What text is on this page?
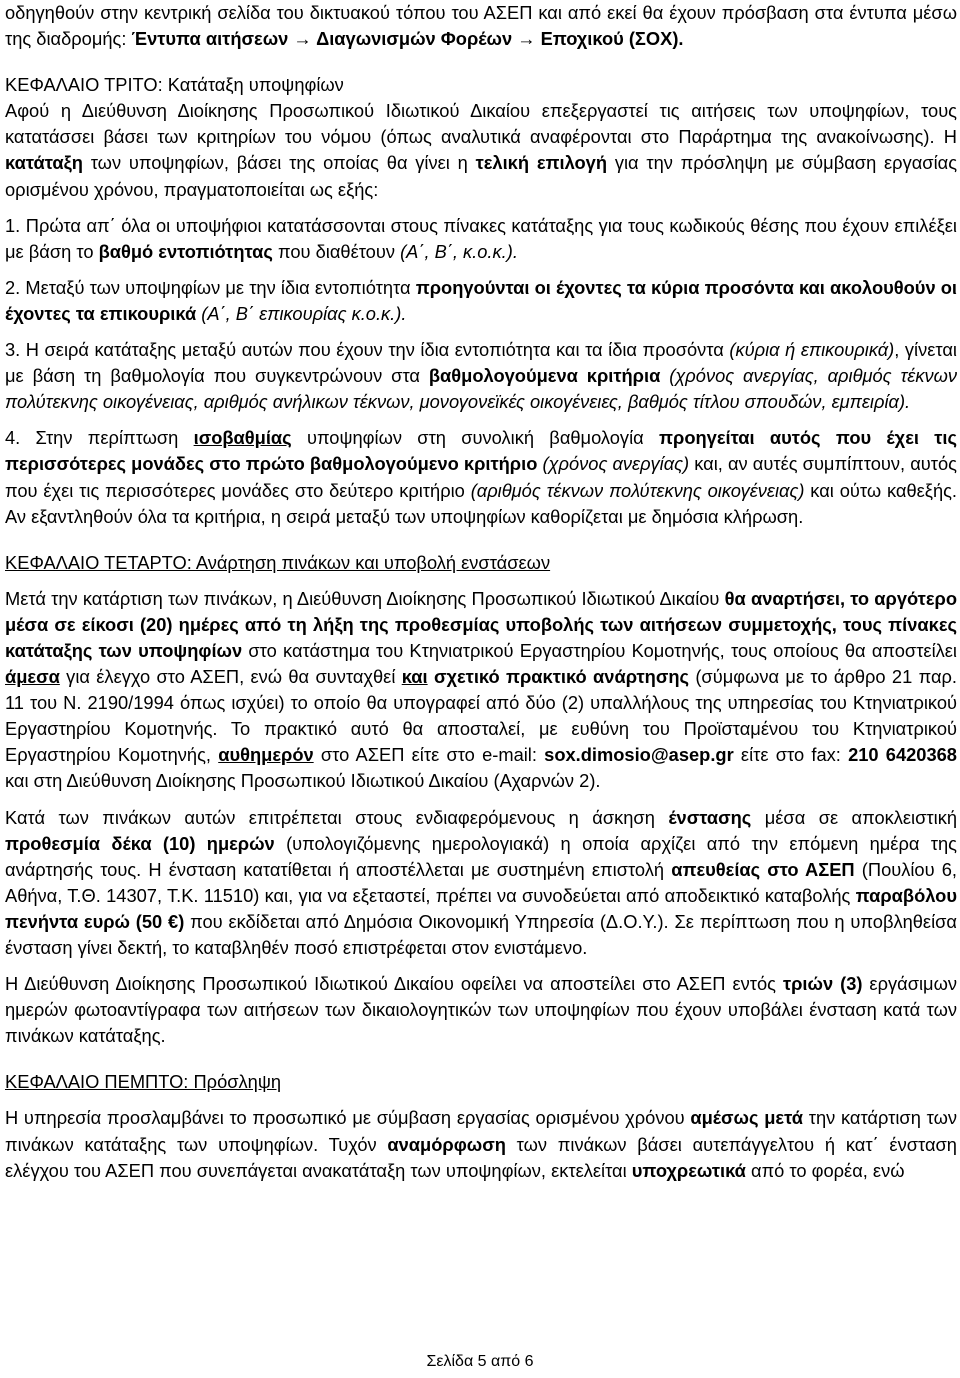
οδηγηθούν στην κεντρική σελίδα του δικτυακού τόπου του ΑΣΕΠ και από εκεί θα έχουν πρόσβαση στα έντυπα μέσω της διαδρομής: Έντυπα αιτήσεων → Διαγωνισμών Φορέων → Εποχικού (ΣΟΧ).

ΚΕΦΑΛΑΙΟ ΤΡΙΤΟ: Κατάταξη υποψηφίων

Αφού η Διεύθυνση Διοίκησης Προσωπικού Ιδιωτικού Δικαίου επεξεργαστεί τις αιτήσεις των υποψηφίων, τους κατατάσσει βάσει των κριτηρίων του νόμου (όπως αναλυτικά αναφέρονται στο Παράρτημα της ανακοίνωσης). Η κατάταξη των υποψηφίων, βάσει της οποίας θα γίνει η τελική επιλογή για την πρόσληψη με σύμβαση εργασίας ορισμένου χρόνου, πραγματοποιείται ως εξής:

1. Πρώτα απ΄ όλα οι υποψήφιοι κατατάσσονται στους πίνακες κατάταξης για τους κωδικούς θέσης που έχουν επιλέξει με βάση το βαθμό εντοπιότητας που διαθέτουν (Α΄, Β΄, κ.ο.κ.).

2. Μεταξύ των υποψηφίων με την ίδια εντοπιότητα προηγούνται οι έχοντες τα κύρια προσόντα και ακολουθούν οι έχοντες τα επικουρικά (Α΄, Β΄ επικουρίας κ.ο.κ.).

3. Η σειρά κατάταξης μεταξύ αυτών που έχουν την ίδια εντοπιότητα και τα ίδια προσόντα (κύρια ή επικουρικά), γίνεται με βάση τη βαθμολογία που συγκεντρώνουν στα βαθμολογούμενα κριτήρια (χρόνος ανεργίας, αριθμός τέκνων πολύτεκνης οικογένειας, αριθμός ανήλικων τέκνων, μονογονεϊκές οικογένειες, βαθμός τίτλου σπουδών, εμπειρία).

4. Στην περίπτωση ισοβαθμίας υποψηφίων στη συνολική βαθμολογία προηγείται αυτός που έχει τις περισσότερες μονάδες στο πρώτο βαθμολογούμενο κριτήριο (χρόνος ανεργίας) και, αν αυτές συμπίπτουν, αυτός που έχει τις περισσότερες μονάδες στο δεύτερο κριτήριο (αριθμός τέκνων πολύτεκνης οικογένειας) και ούτω καθεξής. Αν εξαντληθούν όλα τα κριτήρια, η σειρά μεταξύ των υποψηφίων καθορίζεται με δημόσια κλήρωση.

ΚΕΦΑΛΑΙΟ ΤΕΤΑΡΤΟ: Ανάρτηση πινάκων και υποβολή ενστάσεων

Μετά την κατάρτιση των πινάκων, η Διεύθυνση Διοίκησης Προσωπικού Ιδιωτικού Δικαίου θα αναρτήσει, το αργότερο μέσα σε είκοσι (20) ημέρες από τη λήξη της προθεσμίας υποβολής των αιτήσεων συμμετοχής, τους πίνακες κατάταξης των υποψηφίων στο κατάστημα του Κτηνιατρικού Εργαστηρίου Κομοτηνής, τους οποίους θα αποστείλει άμεσα για έλεγχο στο ΑΣΕΠ, ενώ θα συνταχθεί και σχετικό πρακτικό ανάρτησης (σύμφωνα με το άρθρο 21 παρ. 11 του Ν. 2190/1994 όπως ισχύει) το οποίο θα υπογραφεί από δύο (2) υπαλλήλους της υπηρεσίας του Κτηνιατρικού Εργαστηρίου Κομοτηνής. Το πρακτικό αυτό θα αποσταλεί, με ευθύνη του Προϊσταμένου του Κτηνιατρικού Εργαστηρίου Κομοτηνής, αυθημερόν στο ΑΣΕΠ είτε στο e-mail: sox.dimosio@asep.gr είτε στο fax: 210 6420368 και στη Διεύθυνση Διοίκησης Προσωπικού Ιδιωτικού Δικαίου (Αχαρνών 2).

Κατά των πινάκων αυτών επιτρέπεται στους ενδιαφερόμενους η άσκηση ένστασης μέσα σε αποκλειστική προθεσμία δέκα (10) ημερών (υπολογιζόμενης ημερολογιακά) η οποία αρχίζει από την επόμενη ημέρα της ανάρτησής τους. Η ένσταση κατατίθεται ή αποστέλλεται με συστημένη επιστολή απευθείας στο ΑΣΕΠ (Πουλίου 6, Αθήνα, Τ.Θ. 14307, Τ.Κ. 11510) και, για να εξεταστεί, πρέπει να συνοδεύεται από αποδεικτικό καταβολής παραβόλου πενήντα ευρώ (50 €) που εκδίδεται από Δημόσια Οικονομική Υπηρεσία (Δ.Ο.Υ.). Σε περίπτωση που η υποβληθείσα ένσταση γίνει δεκτή, το καταβληθέν ποσό επιστρέφεται στον ενιστάμενο.

Η Διεύθυνση Διοίκησης Προσωπικού Ιδιωτικού Δικαίου οφείλει να αποστείλει στο ΑΣΕΠ εντός τριών (3) εργάσιμων ημερών φωτοαντίγραφα των αιτήσεων των δικαιολογητικών των υποψηφίων που έχουν υποβάλει ένσταση κατά των πινάκων κατάταξης.

ΚΕΦΑΛΑΙΟ ΠΕΜΠΤΟ: Πρόσληψη

Η υπηρεσία προσλαμβάνει το προσωπικό με σύμβαση εργασίας ορισμένου χρόνου αμέσως μετά την κατάρτιση των πινάκων κατάταξης των υποψηφίων. Τυχόν αναμόρφωση των πινάκων βάσει αυτεπάγγελτου ή κατ΄ ένσταση ελέγχου του ΑΣΕΠ που συνεπάγεται ανακατάταξη των υποψηφίων, εκτελείται υποχρεωτικά από το φορέα, ενώ

Σελίδα 5 από 6
